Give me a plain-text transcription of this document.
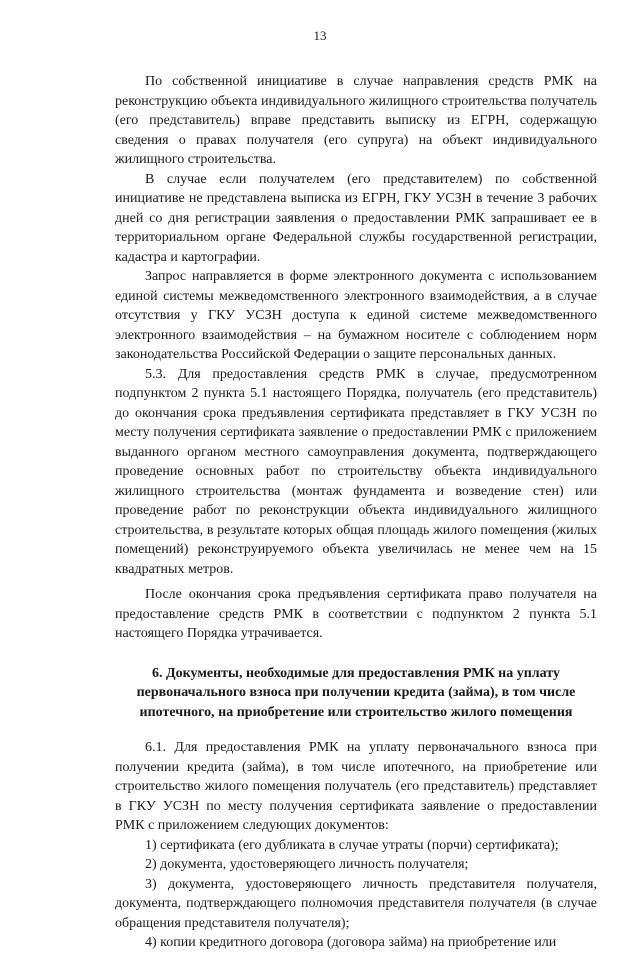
13

По собственной инициативе в случае направления средств РМК на реконструкцию объекта индивидуального жилищного строительства получатель (его представитель) вправе представить выписку из ЕГРН, содержащую сведения о правах получателя (его супруга) на объект индивидуального жилищного строительства.

В случае если получателем (его представителем) по собственной инициативе не представлена выписка из ЕГРН, ГКУ УСЗН в течение 3 рабочих дней со дня регистрации заявления о предоставлении РМК запрашивает ее в территориальном органе Федеральной службы государственной регистрации, кадастра и картографии.

Запрос направляется в форме электронного документа с использованием единой системы межведомственного электронного взаимодействия, а в случае отсутствия у ГКУ УСЗН доступа к единой системе межведомственного электронного взаимодействия – на бумажном носителе с соблюдением норм законодательства Российской Федерации о защите персональных данных.

5.3. Для предоставления средств РМК в случае, предусмотренном подпунктом 2 пункта 5.1 настоящего Порядка, получатель (его представитель) до окончания срока предъявления сертификата представляет в ГКУ УСЗН по месту получения сертификата заявление о предоставлении РМК с приложением выданного органом местного самоуправления документа, подтверждающего проведение основных работ по строительству объекта индивидуального жилищного строительства (монтаж фундамента и возведение стен) или проведение работ по реконструкции объекта индивидуального жилищного строительства, в результате которых общая площадь жилого помещения (жилых помещений) реконструируемого объекта увеличилась не менее чем на 15 квадратных метров.

После окончания срока предъявления сертификата право получателя на предоставление средств РМК в соответствии с подпунктом 2 пункта 5.1 настоящего Порядка утрачивается.

6. Документы, необходимые для предоставления РМК на уплату
первоначального взноса при получении кредита (займа), в том числе
ипотечного, на приобретение или строительство жилого помещения

6.1. Для предоставления РМК на уплату первоначального взноса при получении кредита (займа), в том числе ипотечного, на приобретение или строительство жилого помещения получатель (его представитель) представляет в ГКУ УСЗН по месту получения сертификата заявление о предоставлении РМК с приложением следующих документов:

1) сертификата (его дубликата в случае утраты (порчи) сертификата);
2) документа, удостоверяющего личность получателя;
3) документа, удостоверяющего личность представителя получателя, документа, подтверждающего полномочия представителя получателя (в случае обращения представителя получателя);
4) копии кредитного договора (договора займа) на приобретение или
